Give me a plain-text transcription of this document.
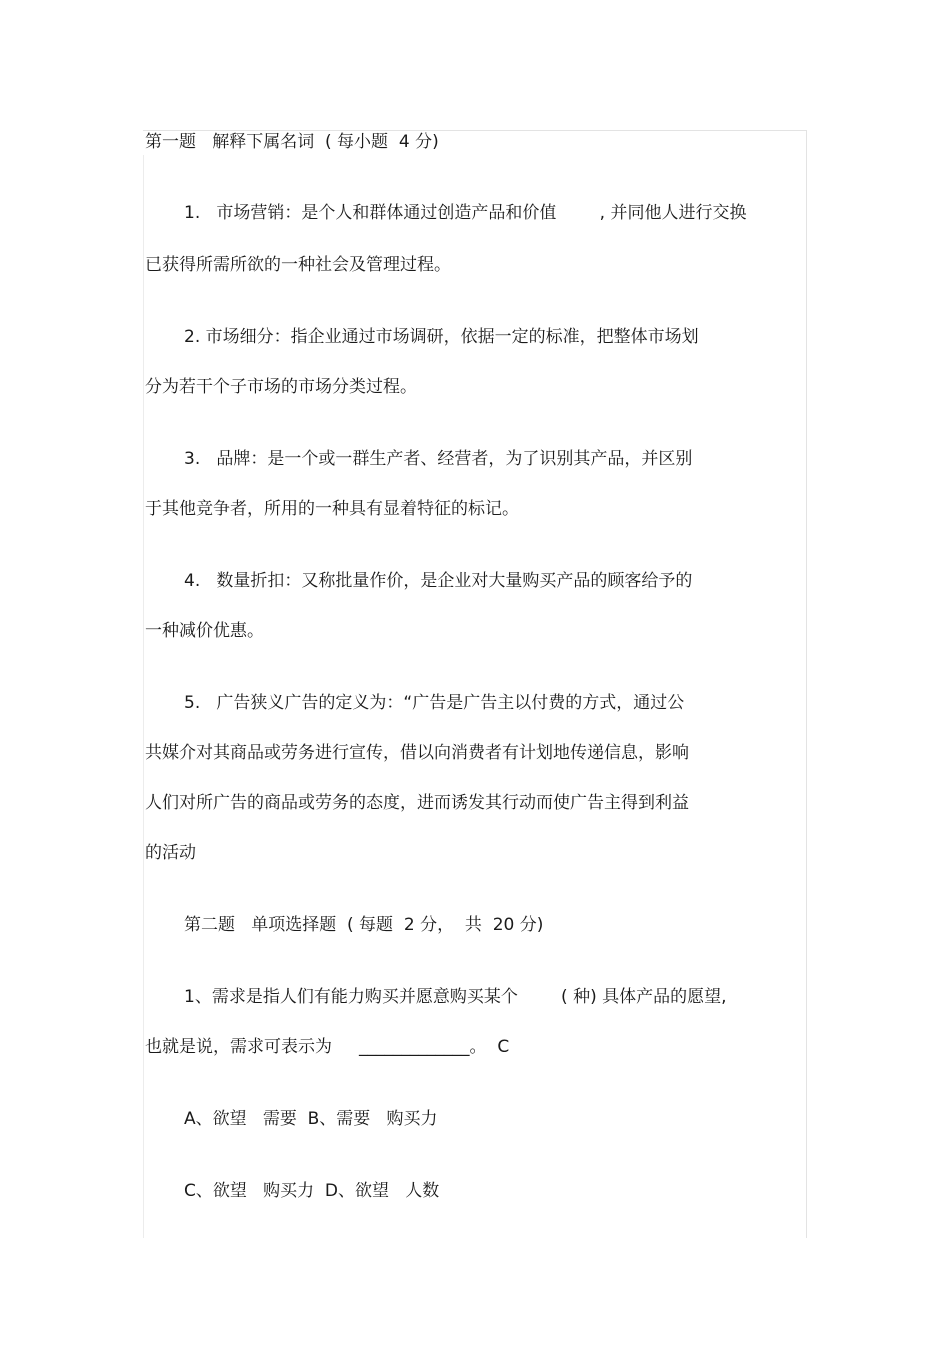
第一题   解释下属名词  ( 每小题  4 分)
1.   市场营销：是个人和群体通过创造产品和价值        , 并同他人进行交换
已获得所需所欲的一种社会及管理过程。
2. 市场细分：指企业通过市场调研，依据一定的标准，把整体市场划
分为若干个子市场的市场分类过程。
3.   品牌：是一个或一群生产者、经营者，为了识别其产品，并区别
于其他竞争者，所用的一种具有显着特征的标记。
4.   数量折扣：又称批量作价，是企业对大量购买产品的顾客给予的
一种减价优惠。
5.   广告狭义广告的定义为：“广告是广告主以付费的方式，通过公
共媒介对其商品或劳务进行宣传，借以向消费者有计划地传递信息，影响
人们对所广告的商品或劳务的态度，进而诱发其行动而使广告主得到利益
的活动
第二题   单项选择题  ( 每题  2 分，  共  20 分)
1、需求是指人们有能力购买并愿意购买某个        ( 种) 具体产品的愿望,
也就是说，需求可表示为     _____________。  C
A、欲望   需要  B、需要   购买力
C、欲望   购买力  D、欲望   人数
